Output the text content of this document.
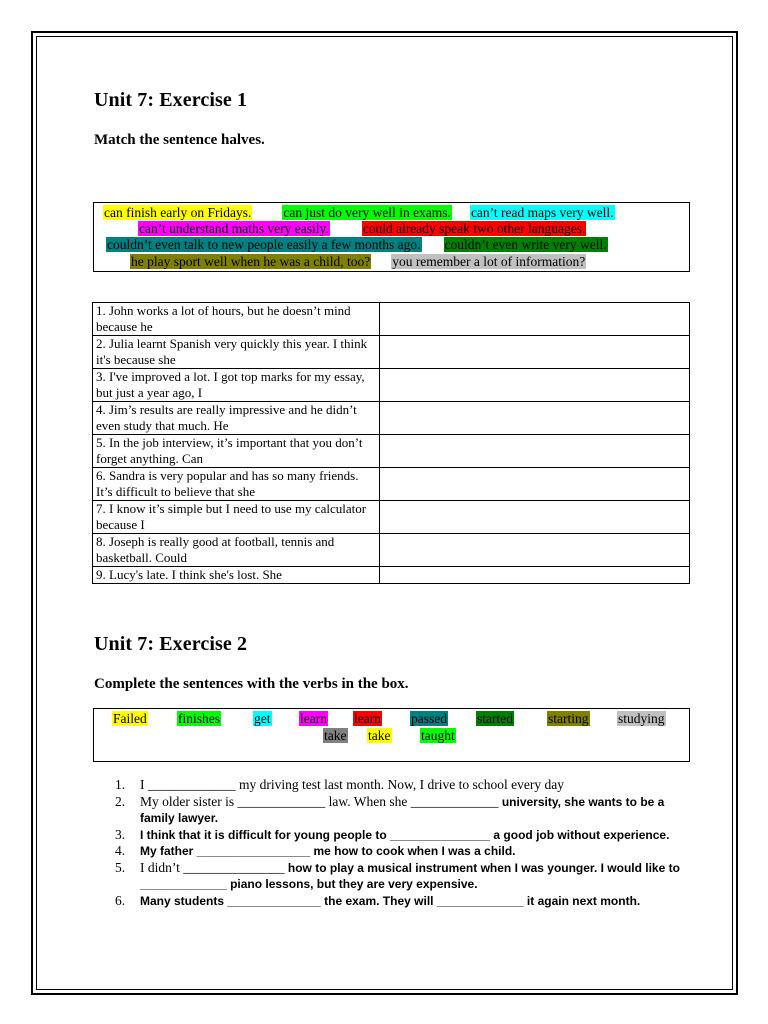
Unit 7: Exercise 1

Match the sentence halves.

can finish early on Fridays. can just do very well in exams. can’t read maps very well.
can’t understand maths very easily.	could already speak two other languages.
couldn’t even talk to new people easily a few months ago. couldn’t even write very well.
he play sport well when he was a child, too? you remember a lot of information?
1. John works a lot of hours, but he doesn’t mind because he	
2. Julia learnt Spanish very quickly this year. I think it's because she	
3. I've improved a lot. I got top marks for my essay, but just a year ago, I	
4. Jim’s results are really impressive and he didn’t even study that much. He	
5. In the job interview, it’s important that you don’t forget anything. Can	
6. Sandra is very popular and has so many friends. It’s difficult to believe that she	
7. I know it’s simple but I need to use my calculator because I	
8. Joseph is really good at football, tennis and basketball. Could	
9. Lucy's late. I think she's lost. She	
Unit 7: Exercise 2

Complete the sentences with the verbs in the box.

Failed finishes	get learn learn passed started	starting studying
take take taught
1. I _____________ my driving test last month. Now, I drive to school every day
2. My older sister is _____________ law. When she _____________ university, she wants to be a family lawyer.
3. I think that it is difficult for young people to _______________ a good job without experience.
4. My father _________________ me how to cook when I was a child.
5. I didn’t _______________ how to play a musical instrument when I was younger. I would like to _____________ piano lessons, but they are very expensive.
6. Many students ______________ the exam. They will _____________ it again next month.
